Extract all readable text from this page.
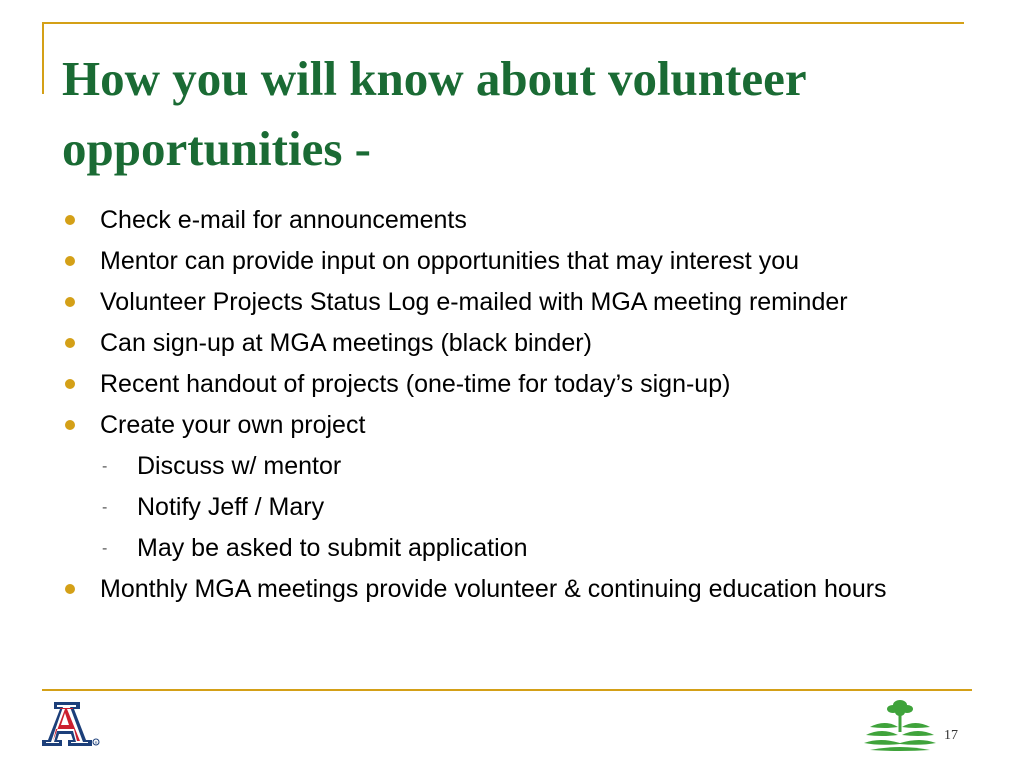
How you will know about volunteer opportunities -
Check e-mail for announcements
Mentor can provide input on opportunities that may interest you
Volunteer Projects Status Log e-mailed with MGA meeting reminder
Can sign-up at MGA meetings (black binder)
Recent handout of projects (one-time for today’s sign-up)
Create your own project
- Discuss w/ mentor
- Notify Jeff / Mary
- May be asked to submit application
Monthly MGA meetings provide volunteer & continuing education hours
R	17
